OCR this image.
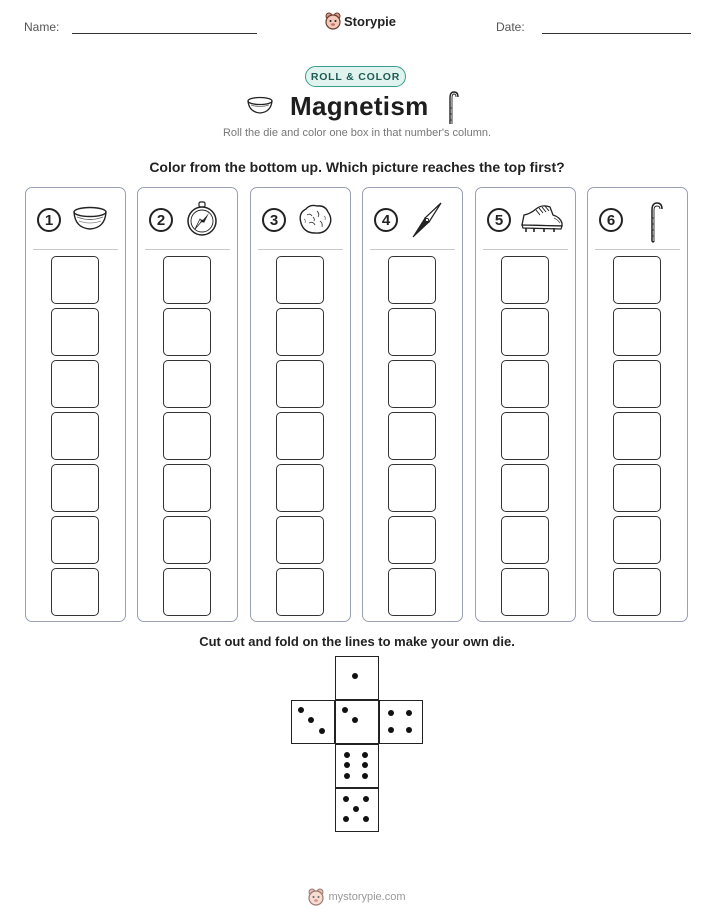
Name:	Storypie	Date:
ROLL & COLOR
Magnetism
Roll the die and color one box in that number's column.
Color from the bottom up. Which picture reaches the top first?
1	2	3	4	5	6
Cut out and fold on the lines to make your own die.
mystorypie.com
